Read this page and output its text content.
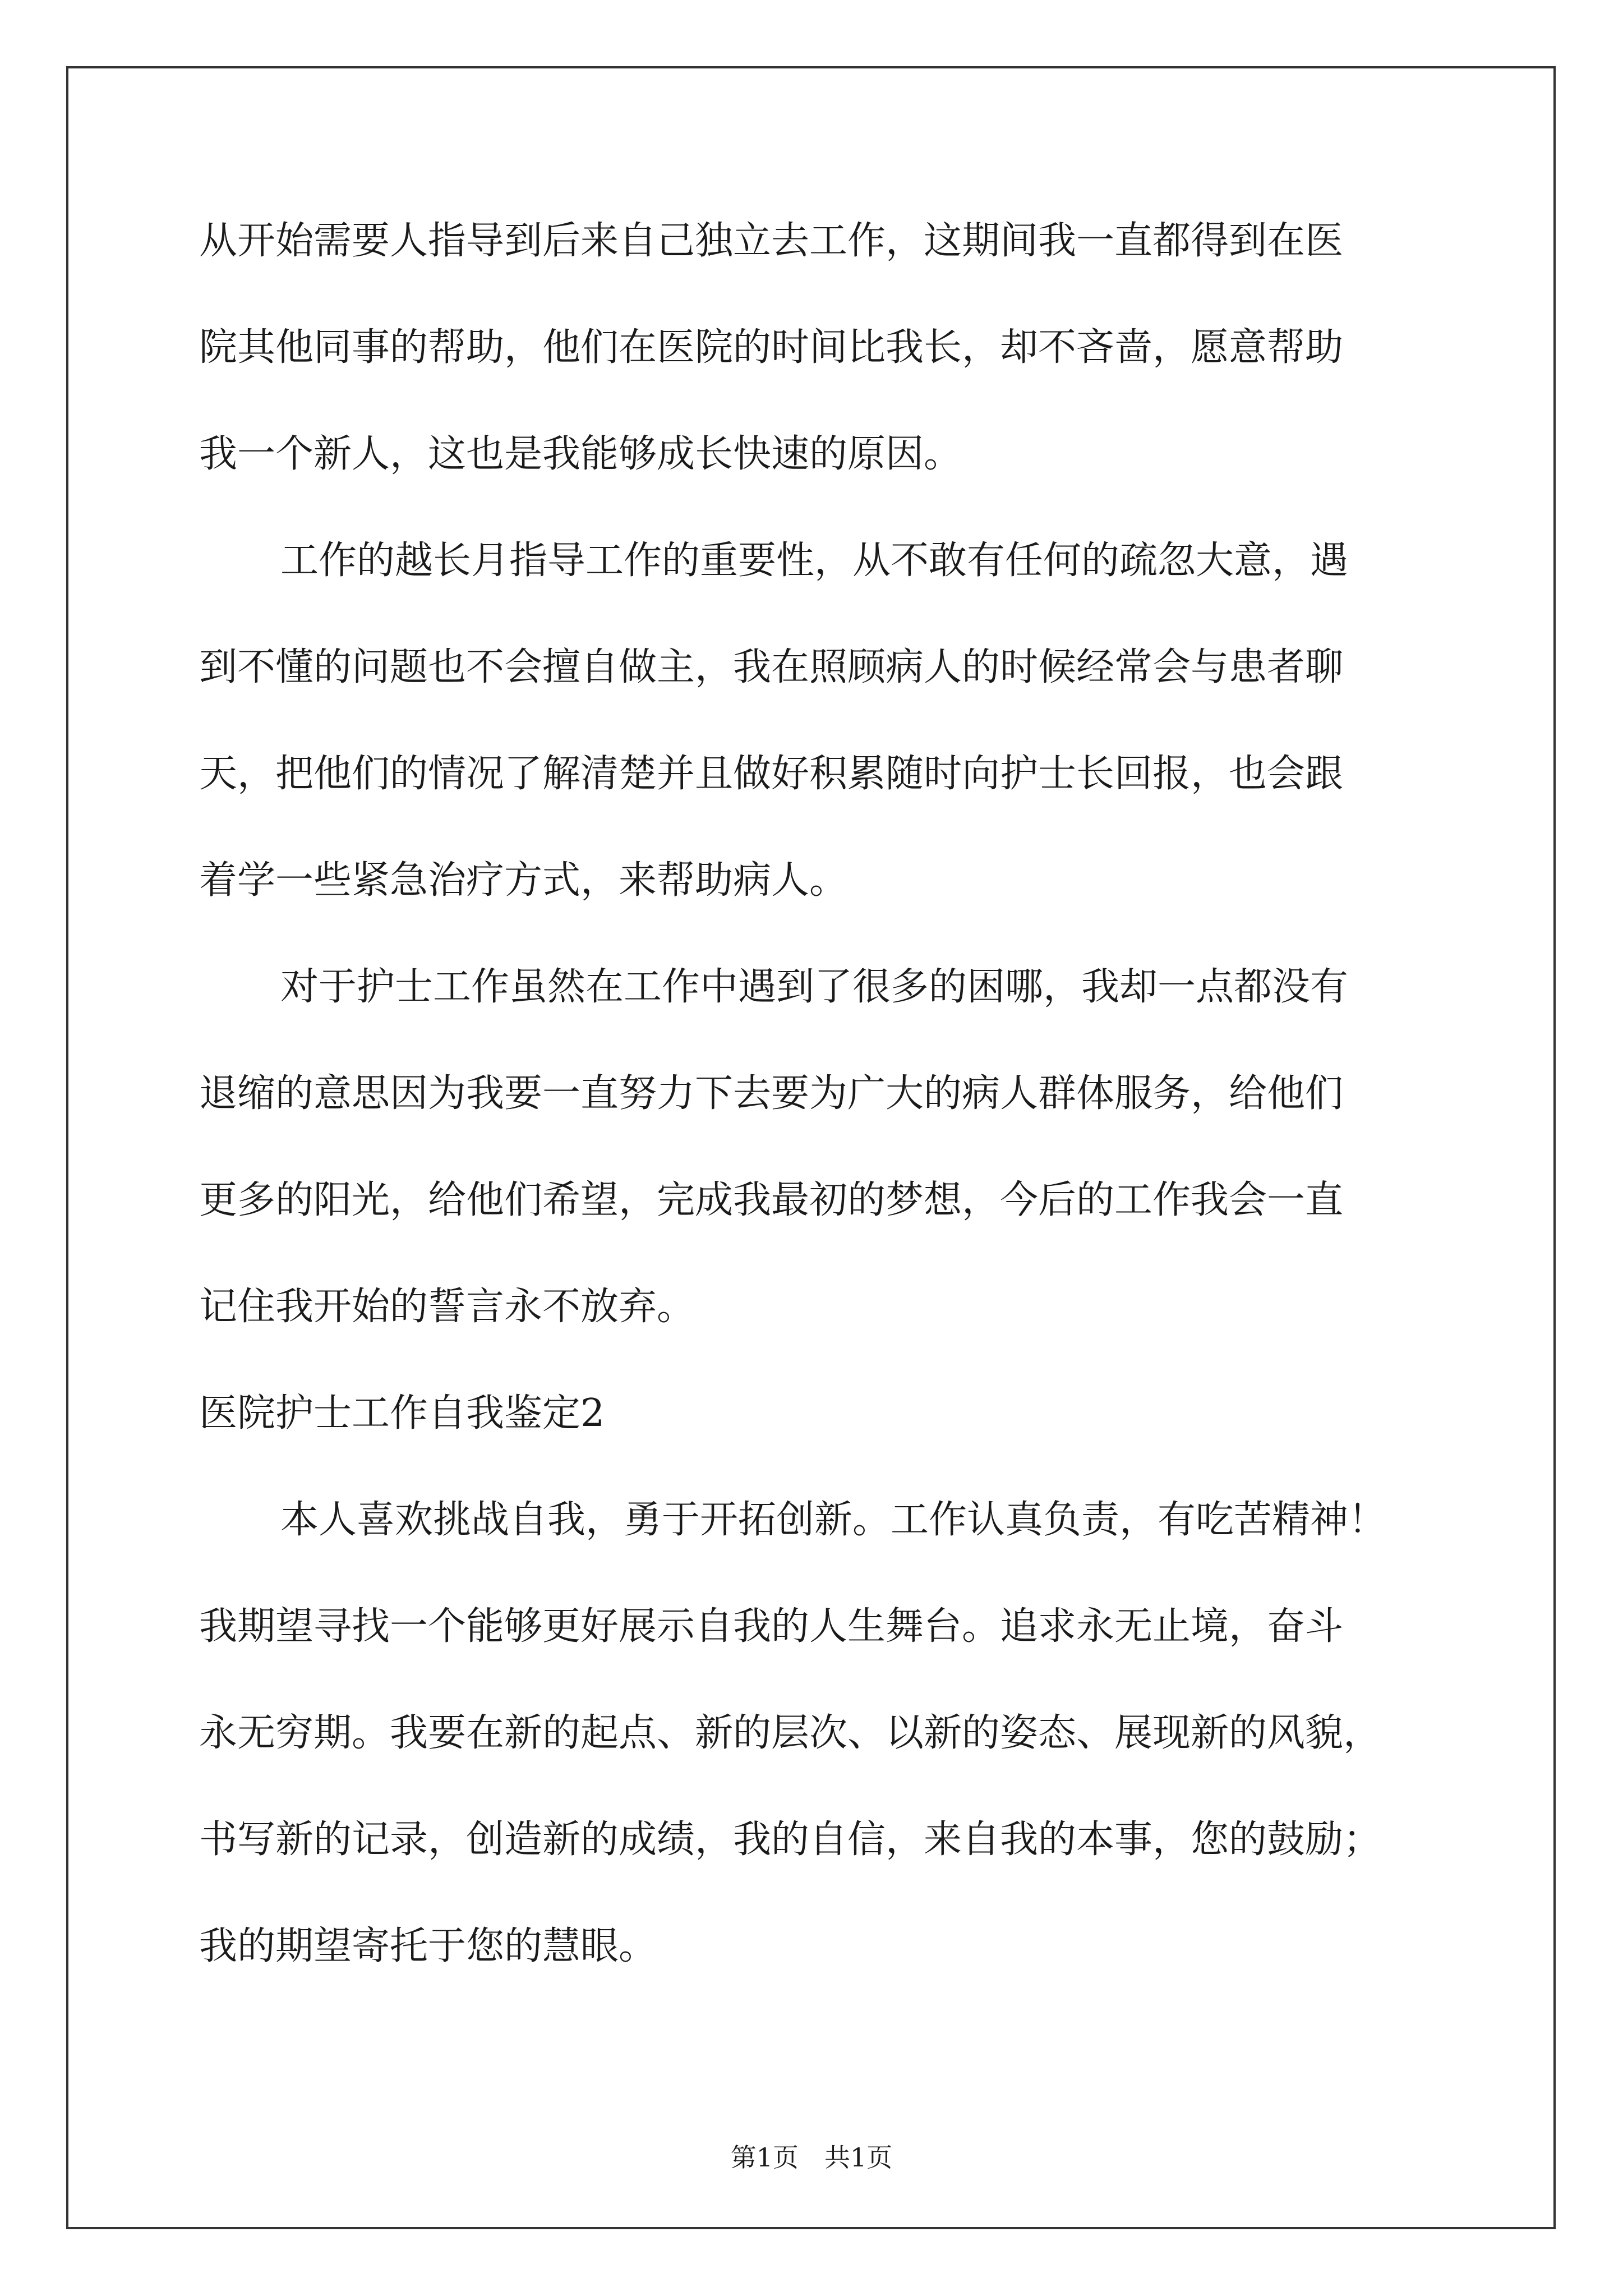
从开始需要人指导到后来自己独立去工作，这期间我一直都得到在医
院其他同事的帮助，他们在医院的时间比我长，却不吝啬，愿意帮助
我一个新人，这也是我能够成长快速的原因。
工作的越长月指导工作的重要性，从不敢有任何的疏忽大意，遇
到不懂的问题也不会擅自做主，我在照顾病人的时候经常会与患者聊
天，把他们的情况了解清楚并且做好积累随时向护士长回报，也会跟
着学一些紧急治疗方式，来帮助病人。
对于护士工作虽然在工作中遇到了很多的困哪，我却一点都没有
退缩的意思因为我要一直努力下去要为广大的病人群体服务，给他们
更多的阳光，给他们希望，完成我最初的梦想，今后的工作我会一直
记住我开始的誓言永不放弃。
医院护士工作自我鉴定2
本人喜欢挑战自我，勇于开拓创新。工作认真负责，有吃苦精神！
我期望寻找一个能够更好展示自我的人生舞台。追求永无止境，奋斗
永无穷期。我要在新的起点、新的层次、以新的姿态、展现新的风貌，
书写新的记录，创造新的成绩，我的自信，来自我的本事，您的鼓励；
我的期望寄托于您的慧眼。
第1页　共1页
